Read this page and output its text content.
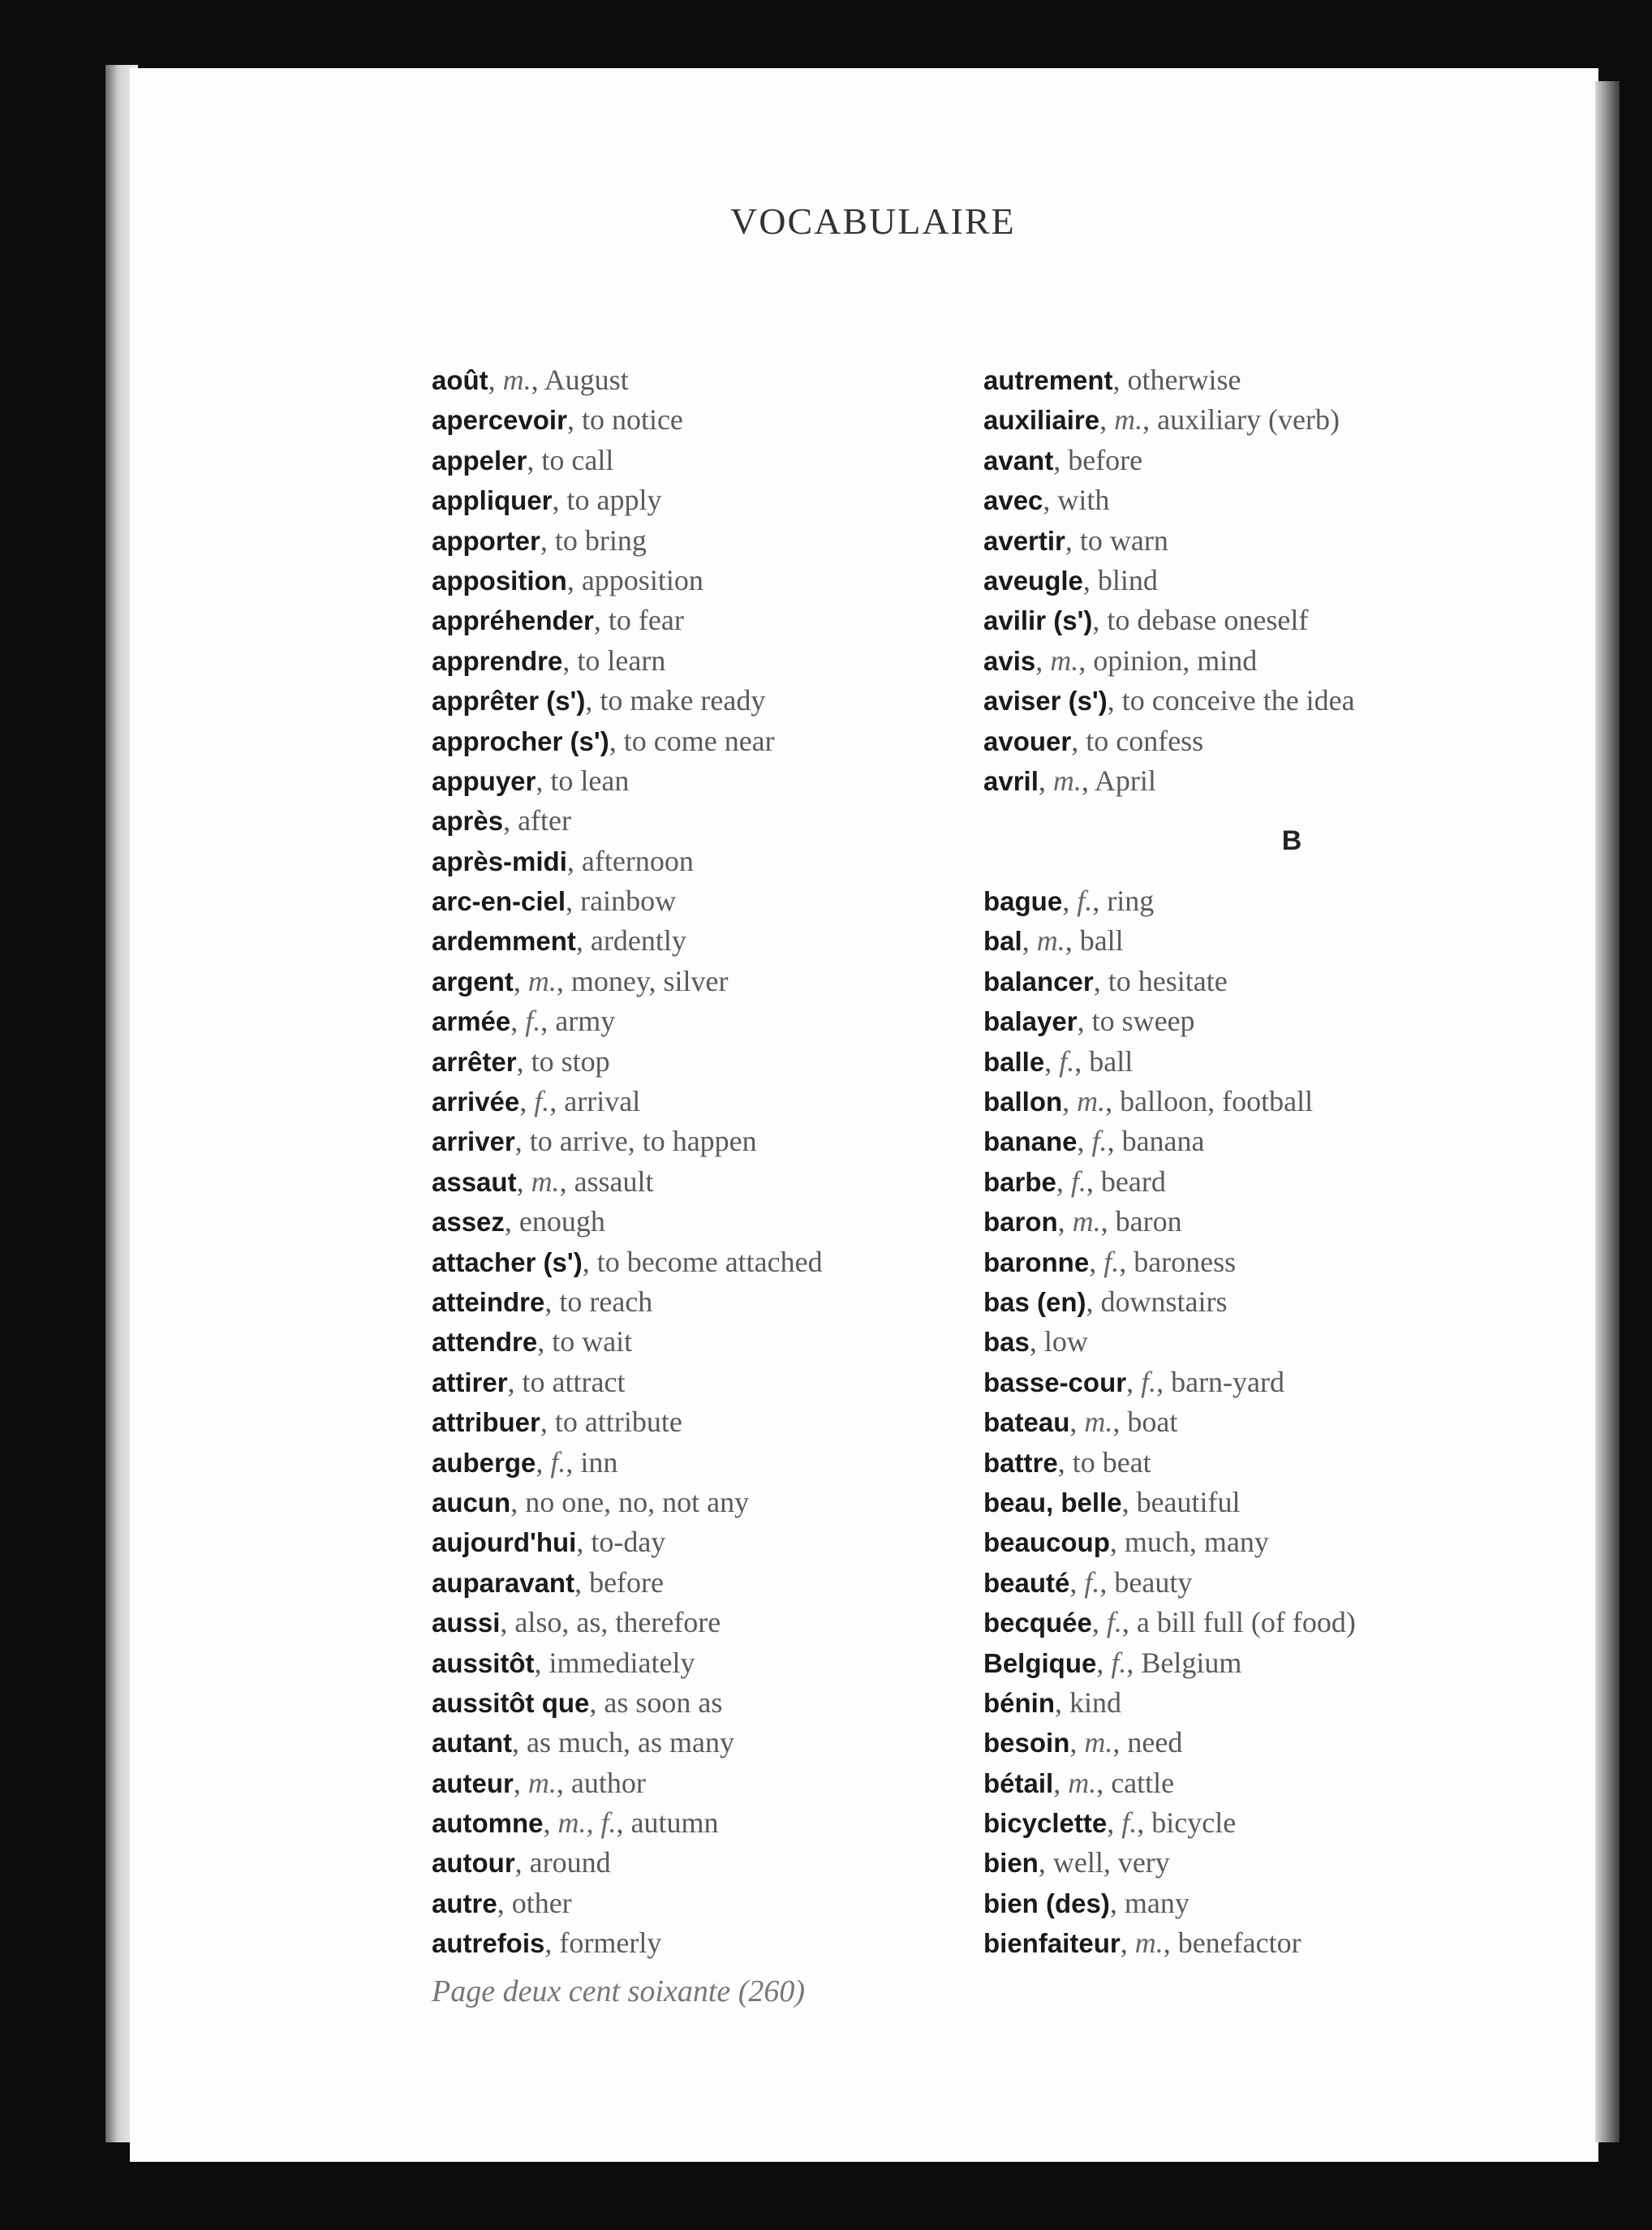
VOCABULAIRE
août, m., August
apercevoir, to notice
appeler, to call
appliquer, to apply
apporter, to bring
apposition, apposition
appréhender, to fear
apprendre, to learn
apprêter (s'), to make ready
approcher (s'), to come near
appuyer, to lean
après, after
après-midi, afternoon
arc-en-ciel, rainbow
ardemment, ardently
argent, m., money, silver
armée, f., army
arrêter, to stop
arrivée, f., arrival
arriver, to arrive, to happen
assaut, m., assault
assez, enough
attacher (s'), to become attached
atteindre, to reach
attendre, to wait
attirer, to attract
attribuer, to attribute
auberge, f., inn
aucun, no one, no, not any
aujourd'hui, to-day
auparavant, before
aussi, also, as, therefore
aussitôt, immediately
aussitôt que, as soon as
autant, as much, as many
auteur, m., author
automne, m., f., autumn
autour, around
autre, other
autrefois, formerly
autrement, otherwise
auxiliaire, m., auxiliary (verb)
avant, before
avec, with
avertir, to warn
aveugle, blind
avilir (s'), to debase oneself
avis, m., opinion, mind
aviser (s'), to conceive the idea
avouer, to confess
avril, m., April
B
bague, f., ring
bal, m., ball
balancer, to hesitate
balayer, to sweep
balle, f., ball
ballon, m., balloon, football
banane, f., banana
barbe, f., beard
baron, m., baron
baronne, f., baroness
bas (en), downstairs
bas, low
basse-cour, f., barn-yard
bateau, m., boat
battre, to beat
beau, belle, beautiful
beaucoup, much, many
beauté, f., beauty
becquée, f., a bill full (of food)
Belgique, f., Belgium
bénin, kind
besoin, m., need
bétail, m., cattle
bicyclette, f., bicycle
bien, well, very
bien (des), many
bienfaiteur, m., benefactor

Page deux cent soixante (260)
